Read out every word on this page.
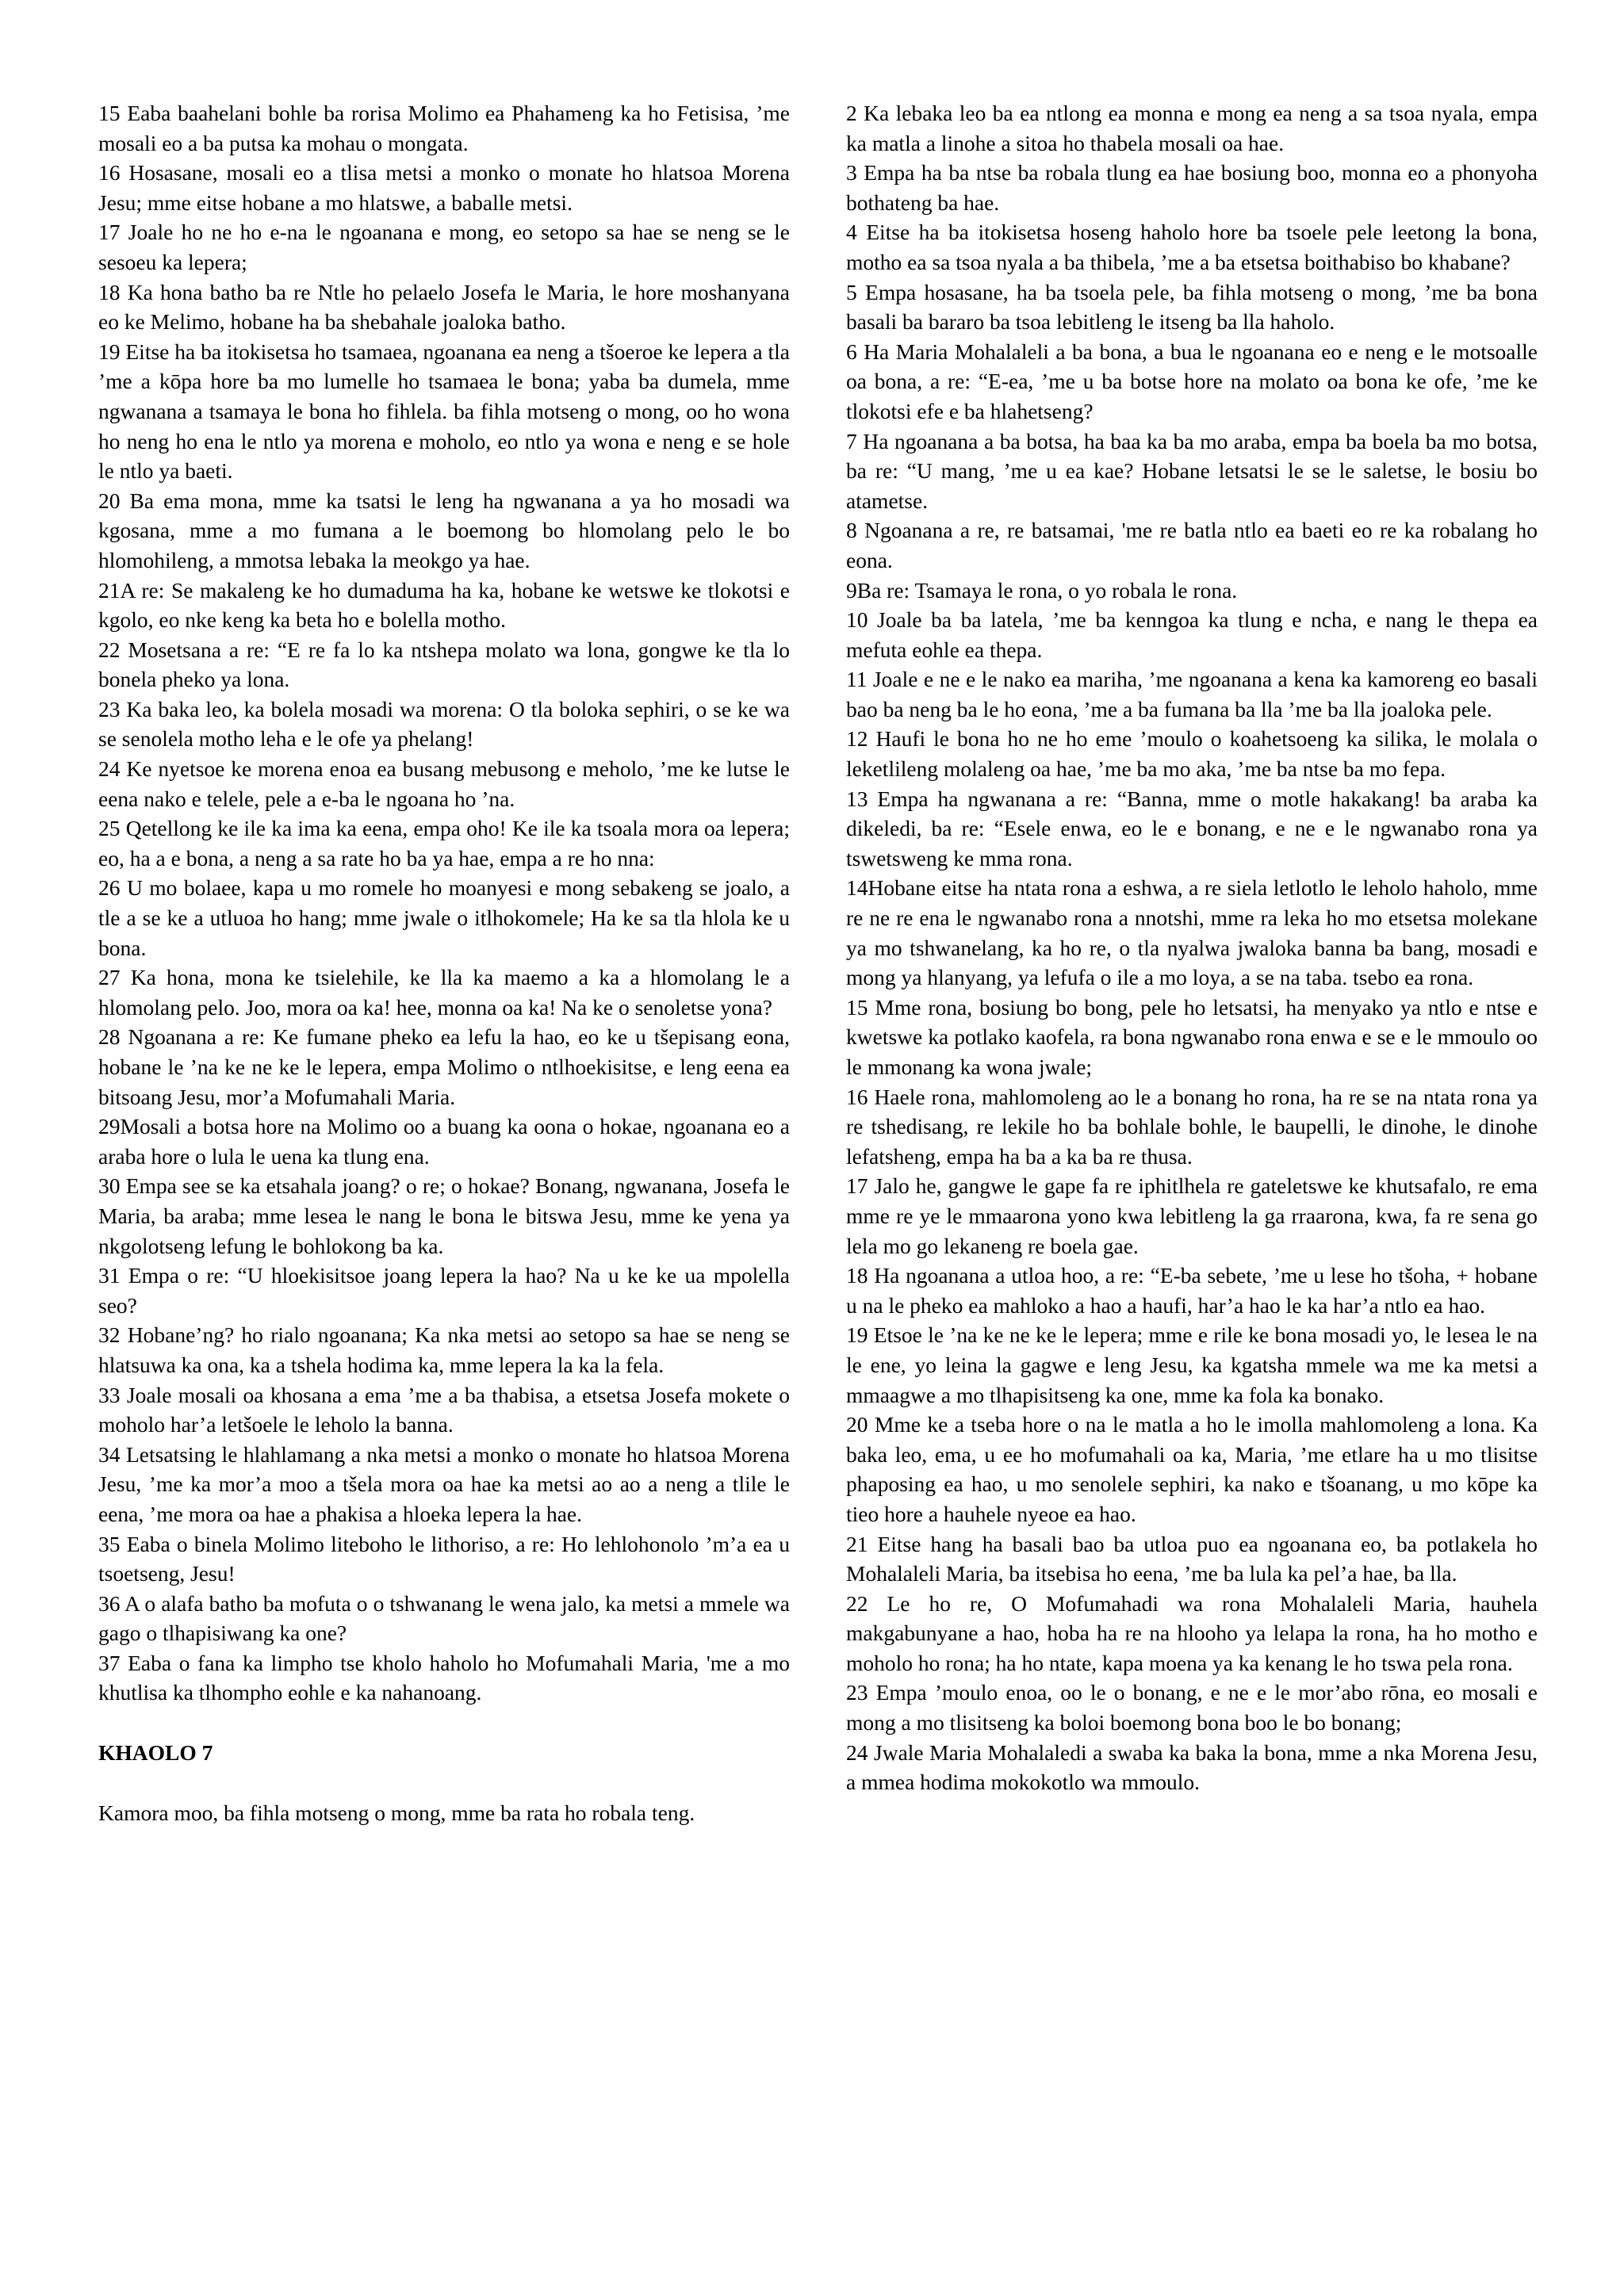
15 Eaba baahelani bohle ba rorisa Molimo ea Phahameng ka ho Fetisisa, ’me mosali eo a ba putsa ka mohau o mongata.

16 Hosasane, mosali eo a tlisa metsi a monko o monate ho hlatsoa Morena Jesu; mme eitse hobane a mo hlatswe, a baballe metsi.

17 Joale ho ne ho e-na le ngoanana e mong, eo setopo sa hae se neng se le sesoeu ka lepera;

18 Ka hona batho ba re Ntle ho pelaelo Josefa le Maria, le hore moshanyana eo ke Melimo, hobane ha ba shebahale joaloka batho.

19 Eitse ha ba itokisetsa ho tsamaea, ngoanana ea neng a tšoeroe ke lepera a tla ’me a kōpa hore ba mo lumelle ho tsamaea le bona; yaba ba dumela, mme ngwanana a tsamaya le bona ho fihlela. ba fihla motseng o mong, oo ho wona ho neng ho ena le ntlo ya morena e moholo, eo ntlo ya wona e neng e se hole le ntlo ya baeti.

20 Ba ema mona, mme ka tsatsi le leng ha ngwanana a ya ho mosadi wa kgosana, mme a mo fumana a le boemong bo hlomolang pelo le bo hlomohileng, a mmotsa lebaka la meokgo ya hae.

21A re: Se makaleng ke ho dumaduma ha ka, hobane ke wetswe ke tlokotsi e kgolo, eo nke keng ka beta ho e bolella motho.

22 Mosetsana a re: “E re fa lo ka ntshepa molato wa lona, gongwe ke tla lo bonela pheko ya lona.

23 Ka baka leo, ka bolela mosadi wa morena: O tla boloka sephiri, o se ke wa se senolela motho leha e le ofe ya phelang!

24 Ke nyetsoe ke morena enoa ea busang mebusong e meholo, ’me ke lutse le eena nako e telele, pele a e-ba le ngoana ho ’na.

25 Qetellong ke ile ka ima ka eena, empa oho! Ke ile ka tsoala mora oa lepera; eo, ha a e bona, a neng a sa rate ho ba ya hae, empa a re ho nna:

26 U mo bolaee, kapa u mo romele ho moanyesi e mong sebakeng se joalo, a tle a se ke a utluoa ho hang; mme jwale o itlhokomele; Ha ke sa tla hlola ke u bona.

27 Ka hona, mona ke tsielehile, ke lla ka maemo a ka a hlomolang le a hlomolang pelo. Joo, mora oa ka! hee, monna oa ka! Na ke o senoletse yona?

28 Ngoanana a re: Ke fumane pheko ea lefu la hao, eo ke u tšepisang eona, hobane le ’na ke ne ke le lepera, empa Molimo o ntlhoekisitse, e leng eena ea bitsoang Jesu, mor’a Mofumahali Maria.

29Mosali a botsa hore na Molimo oo a buang ka oona o hokae, ngoanana eo a araba hore o lula le uena ka tlung ena.

30 Empa see se ka etsahala joang? o re; o hokae? Bonang, ngwanana, Josefa le Maria, ba araba; mme lesea le nang le bona le bitswa Jesu, mme ke yena ya nkgolotseng lefung le bohlokong ba ka.

31 Empa o re: “U hloekisitsoe joang lepera la hao? Na u ke ke ua mpolella seo?

32 Hobane’ng? ho rialo ngoanana; Ka nka metsi ao setopo sa hae se neng se hlatsuwa ka ona, ka a tshela hodima ka, mme lepera la ka la fela.

33 Joale mosali oa khosana a ema ’me a ba thabisa, a etsetsa Josefa mokete o moholo har’a letšoele le leholo la banna.

34 Letsatsing le hlahlamang a nka metsi a monko o monate ho hlatsoa Morena Jesu, ’me ka mor’a moo a tšela mora oa hae ka metsi ao ao a neng a tlile le eena, ’me mora oa hae a phakisa a hloeka lepera la hae.

35 Eaba o binela Molimo liteboho le lithoriso, a re: Ho lehlohonolo ’m’a ea u tsoetseng, Jesu!

36 A o alafa batho ba mofuta o o tshwanang le wena jalo, ka metsi a mmele wa gago o tlhapisiwang ka one?

37 Eaba o fana ka limpho tse kholo haholo ho Mofumahali Maria, 'me a mo khutlisa ka tlhompho eohle e ka nahanoang.

KHAOLO 7

Kamora moo, ba fihla motseng o mong, mme ba rata ho robala teng.

2 Ka lebaka leo ba ea ntlong ea monna e mong ea neng a sa tsoa nyala, empa ka matla a linohe a sitoa ho thabela mosali oa hae.

3 Empa ha ba ntse ba robala tlung ea hae bosiung boo, monna eo a phonyoha bothateng ba hae.

4 Eitse ha ba itokisetsa hoseng haholo hore ba tsoele pele leetong la bona, motho ea sa tsoa nyala a ba thibela, ’me a ba etsetsa boithabiso bo khabane?

5 Empa hosasane, ha ba tsoela pele, ba fihla motseng o mong, ’me ba bona basali ba bararo ba tsoa lebitleng le itseng ba lla haholo.

6 Ha Maria Mohalaleli a ba bona, a bua le ngoanana eo e neng e le motsoalle oa bona, a re: “E-ea, ’me u ba botse hore na molato oa bona ke ofe, ’me ke tlokotsi efe e ba hlahetseng?

7 Ha ngoanana a ba botsa, ha baa ka ba mo araba, empa ba boela ba mo botsa, ba re: “U mang, ’me u ea kae? Hobane letsatsi le se le saletse, le bosiu bo atametse.

8 Ngoanana a re, re batsamai, 'me re batla ntlo ea baeti eo re ka robalang ho eona.

9Ba re: Tsamaya le rona, o yo robala le rona.

10 Joale ba ba latela, ’me ba kenngoa ka tlung e ncha, e nang le thepa ea mefuta eohle ea thepa.

11 Joale e ne e le nako ea mariha, ’me ngoanana a kena ka kamoreng eo basali bao ba neng ba le ho eona, ’me a ba fumana ba lla ’me ba lla joaloka pele.

12 Haufi le bona ho ne ho eme ’moulo o koahetsoeng ka silika, le molala o leketlileng molaleng oa hae, ’me ba mo aka, ’me ba ntse ba mo fepa.

13 Empa ha ngwanana a re: “Banna, mme o motle hakakang! ba araba ka dikeledi, ba re: “Esele enwa, eo le e bonang, e ne e le ngwanabo rona ya tswetsweng ke mma rona.

14Hobane eitse ha ntata rona a eshwa, a re siela letlotlo le leholo haholo, mme re ne re ena le ngwanabo rona a nnotshi, mme ra leka ho mo etsetsa molekane ya mo tshwanelang, ka ho re, o tla nyalwa jwaloka banna ba bang, mosadi e mong ya hlanyang, ya lefufa o ile a mo loya, a se na taba. tsebo ea rona.

15 Mme rona, bosiung bo bong, pele ho letsatsi, ha menyako ya ntlo e ntse e kwetswe ka potlako kaofela, ra bona ngwanabo rona enwa e se e le mmoulo oo le mmonang ka wona jwale;

16 Haele rona, mahlomoleng ao le a bonang ho rona, ha re se na ntata rona ya re tshedisang, re lekile ho ba bohlale bohle, le baupelli, le dinohe, le dinohe lefatsheng, empa ha ba a ka ba re thusa.

17 Jalo he, gangwe le gape fa re iphitlhela re gateletswe ke khutsafalo, re ema mme re ye le mmaarona yono kwa lebitleng la ga rraarona, kwa, fa re sena go lela mo go lekaneng re boela gae.

18 Ha ngoanana a utloa hoo, a re: “E-ba sebete, ’me u lese ho tšoha, + hobane u na le pheko ea mahloko a hao a haufi, har’a hao le ka har’a ntlo ea hao.

19 Etsoe le ’na ke ne ke le lepera; mme e rile ke bona mosadi yo, le lesea le na le ene, yo leina la gagwe e leng Jesu, ka kgatsha mmele wa me ka metsi a mmaagwe a mo tlhapisitseng ka one, mme ka fola ka bonako.

20 Mme ke a tseba hore o na le matla a ho le imolla mahlomoleng a lona. Ka baka leo, ema, u ee ho mofumahali oa ka, Maria, ’me etlare ha u mo tlisitse phaposing ea hao, u mo senolele sephiri, ka nako e tšoanang, u mo kōpe ka tieo hore a hauhele nyeoe ea hao.

21 Eitse hang ha basali bao ba utloa puo ea ngoanana eo, ba potlakela ho Mohalaleli Maria, ba itsebisa ho eena, ’me ba lula ka pel’a hae, ba lla.

22 Le ho re, O Mofumahadi wa rona Mohalaleli Maria, hauhela makgabunyane a hao, hoba ha re na hlooho ya lelapa la rona, ha ho motho e moholo ho rona; ha ho ntate, kapa moena ya ka kenang le ho tswa pela rona.

23 Empa ’moulo enoa, oo le o bonang, e ne e le mor’abo rōna, eo mosali e mong a mo tlisitseng ka boloi boemong bona boo le bo bonang;

24 Jwale Maria Mohalaledi a swaba ka baka la bona, mme a nka Morena Jesu, a mmea hodima mokokotlo wa mmoulo.
